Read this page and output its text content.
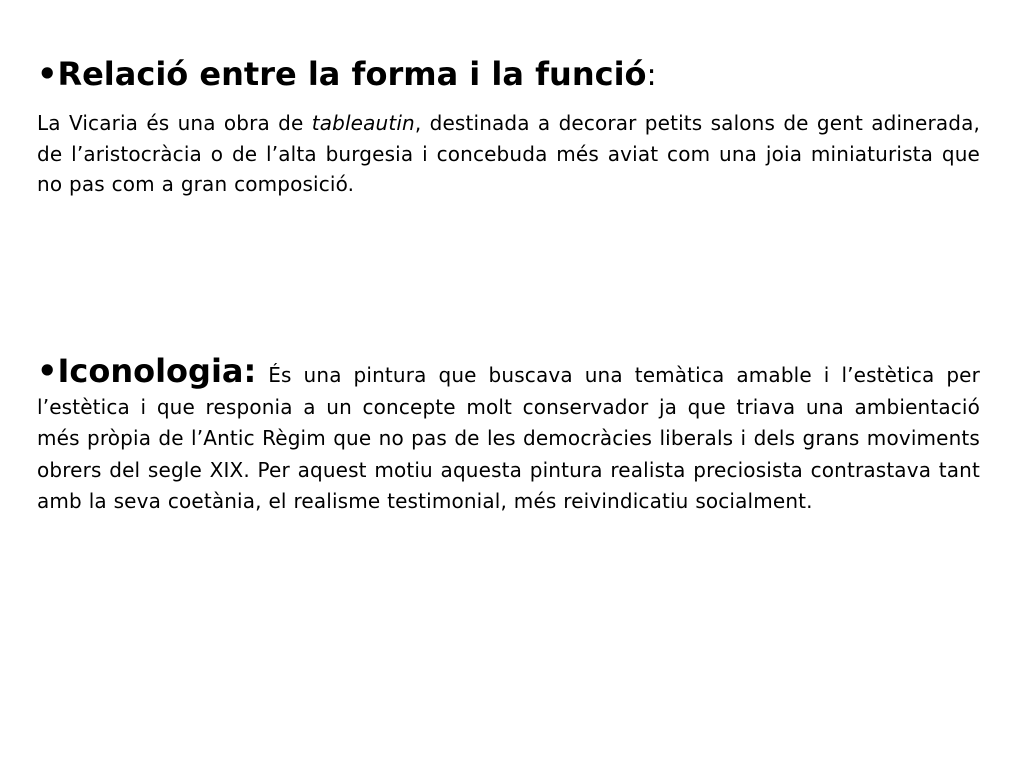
•Relació entre la forma i la funció:

La Vicaria és una obra de tableautin, destinada a decorar petits salons de gent adinerada, de l’aristocràcia o de l’alta burgesia i concebuda més aviat com una joia miniaturista que no pas com a gran composició.

•Iconologia: És una pintura que buscava una temàtica amable i l’estètica per l’estètica i que responia a un concepte molt conservador ja que triava una ambientació més pròpia de l’Antic Règim que no pas de les democràcies liberals i dels grans moviments obrers del segle XIX. Per aquest motiu aquesta pintura realista preciosista contrastava tant amb la seva coetània, el realisme testimonial, més reivindicatiu socialment.
